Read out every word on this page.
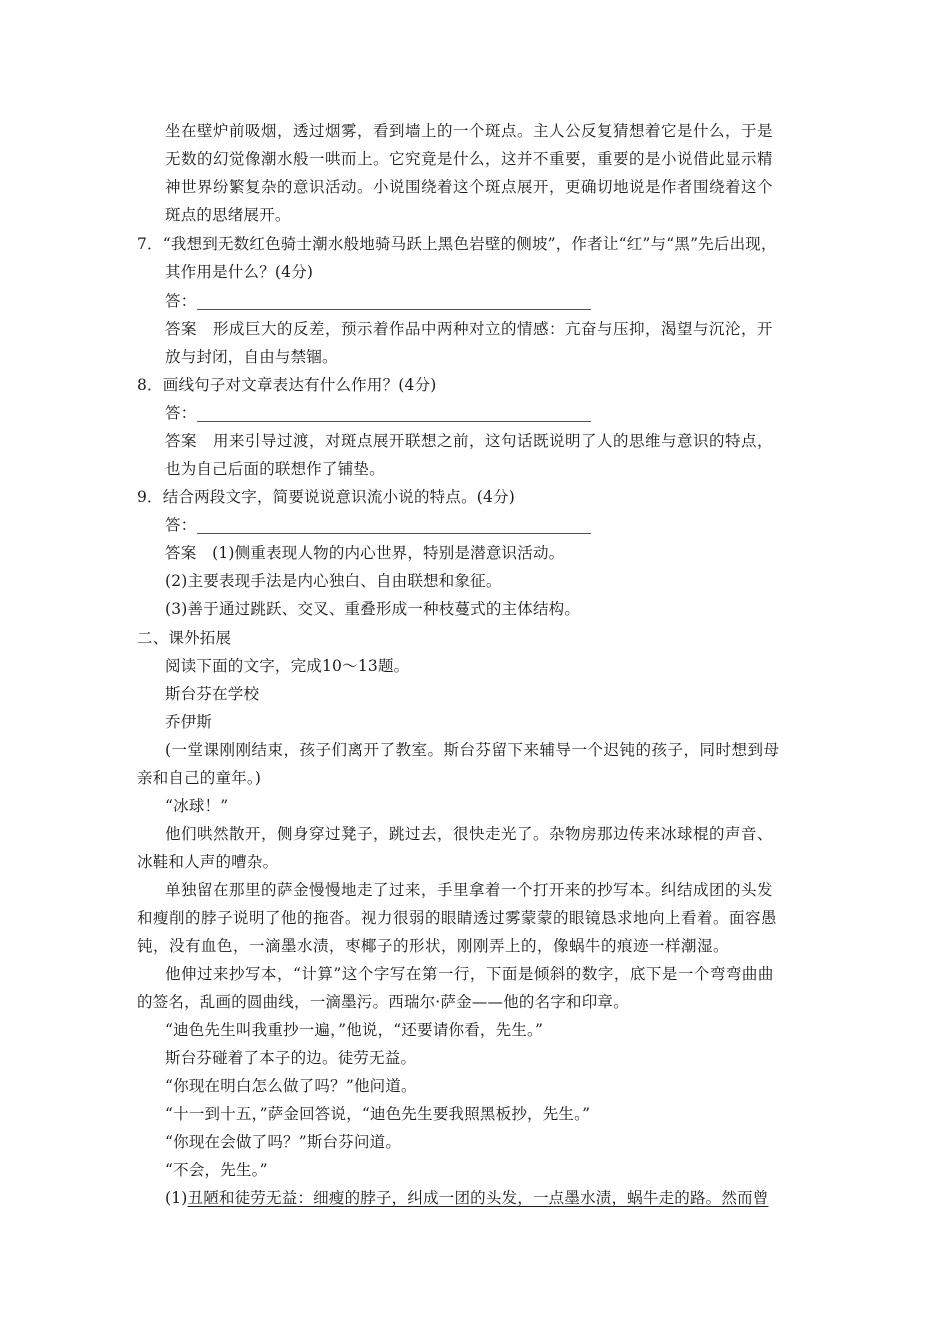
坐在壁炉前吸烟，透过烟雾，看到墙上的一个斑点。主人公反复猜想着它是什么，于是
无数的幻觉像潮水般一哄而上。它究竟是什么，这并不重要，重要的是小说借此显示精
神世界纷繁复杂的意识活动。小说围绕着这个斑点展开，更确切地说是作者围绕着这个
斑点的思绪展开。
7．“我想到无数红色骑士潮水般地骑马跃上黑色岩壁的侧坡”，作者让“红”与“黑”先后出现，
其作用是什么？(4分)
答：
答案　形成巨大的反差，预示着作品中两种对立的情感：亢奋与压抑，渴望与沉沦，开
放与封闭，自由与禁锢。
8．画线句子对文章表达有什么作用？(4分)
答：
答案　用来引导过渡，对斑点展开联想之前，这句话既说明了人的思维与意识的特点，
也为自己后面的联想作了铺垫。
9．结合两段文字，简要说说意识流小说的特点。(4分)
答：
答案　(1)侧重表现人物的内心世界，特别是潜意识活动。
(2)主要表现手法是内心独白、自由联想和象征。
(3)善于通过跳跃、交叉、重叠形成一种枝蔓式的主体结构。
二、课外拓展
阅读下面的文字，完成10～13题。
斯台芬在学校
乔伊斯
(一堂课刚刚结束，孩子们离开了教室。斯台芬留下来辅导一个迟钝的孩子，同时想到母
亲和自己的童年。)
“冰球！”
他们哄然散开，侧身穿过凳子，跳过去，很快走光了。杂物房那边传来冰球棍的声音、
冰鞋和人声的嘈杂。
单独留在那里的萨金慢慢地走了过来，手里拿着一个打开来的抄写本。纠结成团的头发
和瘦削的脖子说明了他的拖沓。视力很弱的眼睛透过雾蒙蒙的眼镜恳求地向上看着。面容愚
钝，没有血色，一滴墨水渍，枣椰子的形状，刚刚弄上的，像蜗牛的痕迹一样潮湿。
他伸过来抄写本，“计算”这个字写在第一行，下面是倾斜的数字，底下是一个弯弯曲曲
的签名，乱画的圆曲线，一滴墨污。西瑞尔·萨金——他的名字和印章。
“迪色先生叫我重抄一遍，”他说，“还要请你看，先生。”
斯台芬碰着了本子的边。徒劳无益。
“你现在明白怎么做了吗？”他问道。
“十一到十五，”萨金回答说，“迪色先生要我照黑板抄，先生。”
“你现在会做了吗？”斯台芬问道。
“不会，先生。”
(1)丑陋和徒劳无益：细瘦的脖子，纠成一团的头发，一点墨水渍，蜗牛走的路。然而曾
